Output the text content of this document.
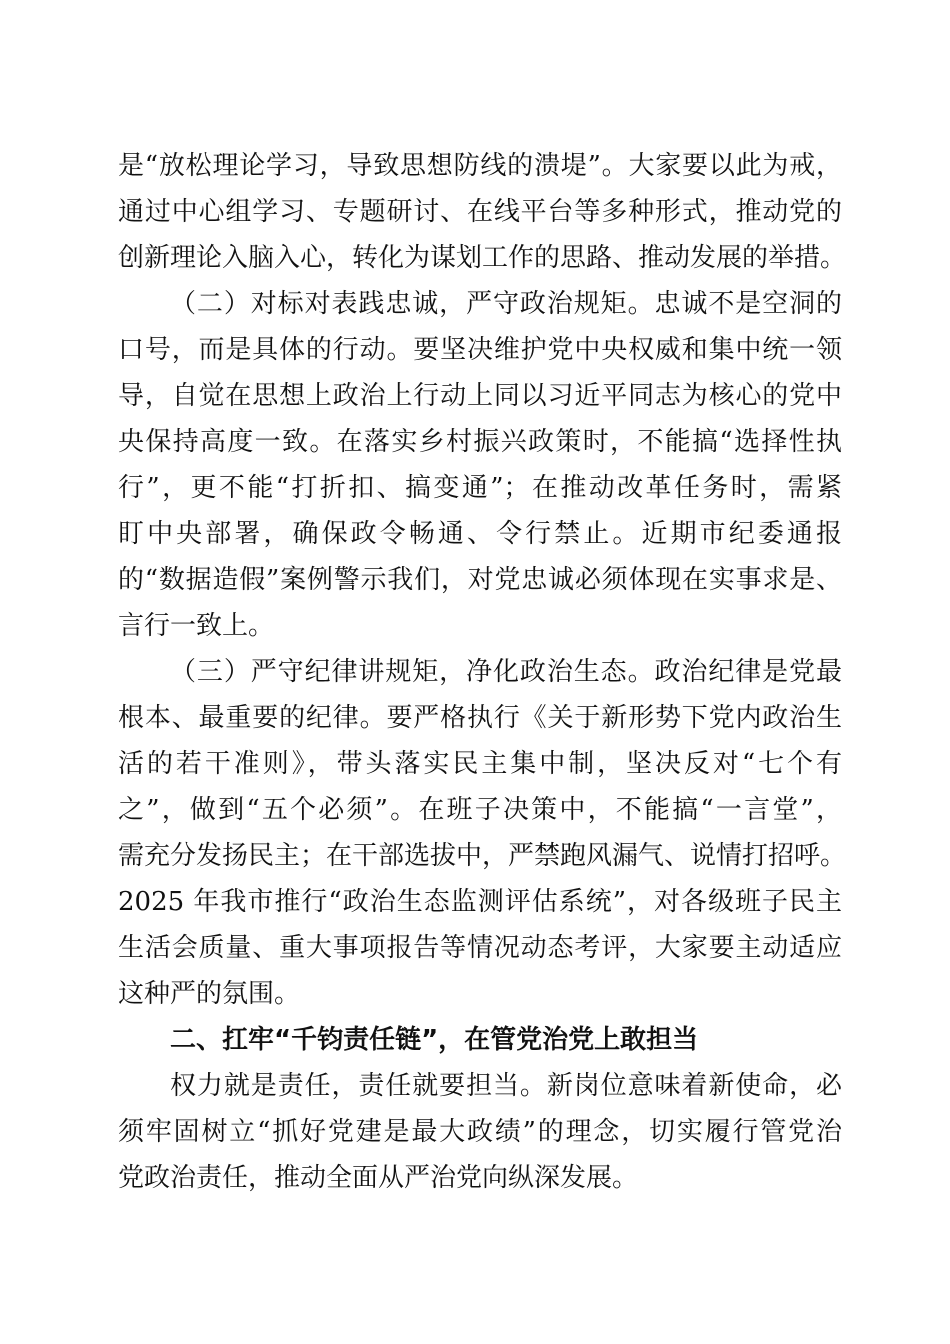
是“放松理论学习，导致思想防线的溃堤”。大家要以此为戒，
通过中心组学习、专题研讨、在线平台等多种形式，推动党的
创新理论入脑入心，转化为谋划工作的思路、推动发展的举措。
（二）对标对表践忠诚，严守政治规矩。忠诚不是空洞的
口号，而是具体的行动。要坚决维护党中央权威和集中统一领
导，自觉在思想上政治上行动上同以习近平同志为核心的党中
央保持高度一致。在落实乡村振兴政策时，不能搞“选择性执
行”，更不能“打折扣、搞变通”；在推动改革任务时，需紧
盯中央部署，确保政令畅通、令行禁止。近期市纪委通报
的“数据造假”案例警示我们，对党忠诚必须体现在实事求是、
言行一致上。
（三）严守纪律讲规矩，净化政治生态。政治纪律是党最
根本、最重要的纪律。要严格执行《关于新形势下党内政治生
活的若干准则》，带头落实民主集中制，坚决反对“七个有
之”，做到“五个必须”。在班子决策中，不能搞“一言堂”，
需充分发扬民主；在干部选拔中，严禁跑风漏气、说情打招呼。
2025 年我市推行“政治生态监测评估系统”，对各级班子民主
生活会质量、重大事项报告等情况动态考评，大家要主动适应
这种严的氛围。
二、扛牢“千钧责任链”，在管党治党上敢担当
权力就是责任，责任就要担当。新岗位意味着新使命，必
须牢固树立“抓好党建是最大政绩”的理念，切实履行管党治
党政治责任，推动全面从严治党向纵深发展。
